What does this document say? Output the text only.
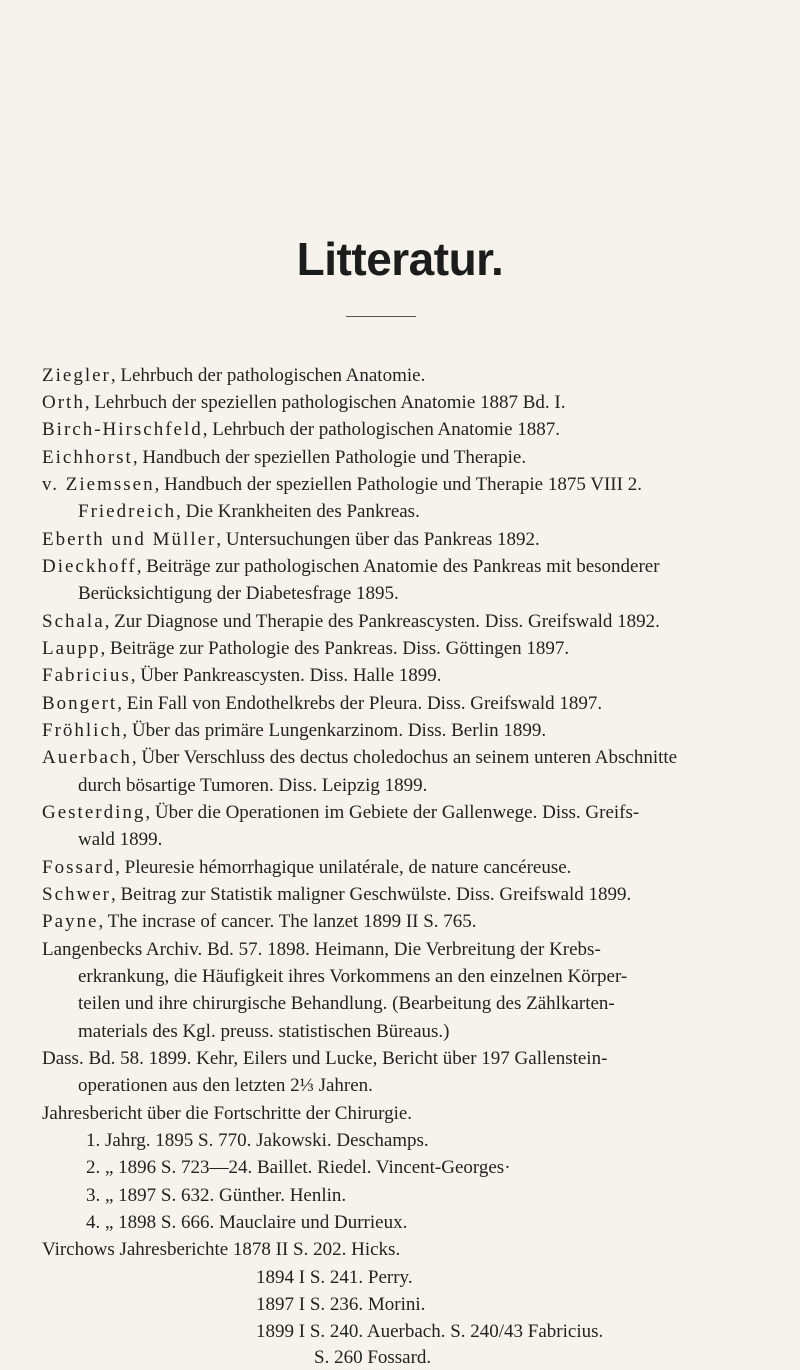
Litteratur.
Ziegler, Lehrbuch der pathologischen Anatomie.
Orth, Lehrbuch der speziellen pathologischen Anatomie 1887 Bd. I.
Birch-Hirschfeld, Lehrbuch der pathologischen Anatomie 1887.
Eichhorst, Handbuch der speziellen Pathologie und Therapie.
v. Ziemssen, Handbuch der speziellen Pathologie und Therapie 1875 VIII 2.
Friedreich, Die Krankheiten des Pankreas.
Eberth und Müller, Untersuchungen über das Pankreas 1892.
Dieckhoff, Beiträge zur pathologischen Anatomie des Pankreas mit besonderer
Berücksichtigung der Diabetesfrage 1895.
Schala, Zur Diagnose und Therapie des Pankreascysten. Diss. Greifswald 1892.
Laupp, Beiträge zur Pathologie des Pankreas. Diss. Göttingen 1897.
Fabricius, Über Pankreascysten. Diss. Halle 1899.
Bongert, Ein Fall von Endothelkrebs der Pleura. Diss. Greifswald 1897.
Fröhlich, Über das primäre Lungenkarzinom. Diss. Berlin 1899.
Auerbach, Über Verschluss des dectus choledochus an seinem unteren Abschnitte
durch bösartige Tumoren. Diss. Leipzig 1899.
Gesterding, Über die Operationen im Gebiete der Gallenwege. Diss. Greifs-
wald 1899.
Fossard, Pleuresie hémorrhagique unilatérale, de nature cancéreuse.
Schwer, Beitrag zur Statistik maligner Geschwülste. Diss. Greifswald 1899.
Payne, The incrase of cancer. The lanzet 1899 II S. 765.
Langenbecks Archiv. Bd. 57. 1898. Heimann, Die Verbreitung der Krebs-
erkrankung, die Häufigkeit ihres Vorkommens an den einzelnen Körper-
teilen und ihre chirurgische Behandlung. (Bearbeitung des Zählkarten-
materials des Kgl. preuss. statistischen Büreaus.)
Dass. Bd. 58. 1899. Kehr, Eilers und Lucke, Bericht über 197 Gallenstein-
operationen aus den letzten 2⅓ Jahren.
Jahresbericht über die Fortschritte der Chirurgie.
1. Jahrg. 1895 S. 770. Jakowski. Deschamps.
2. „ 1896 S. 723—24. Baillet. Riedel. Vincent-Georges·
3. „ 1897 S. 632. Günther. Henlin.
4. „ 1898 S. 666. Mauclaire und Durrieux.
Virchows Jahresberichte 1878 II S. 202. Hicks.
1894 I S. 241. Perry.
1897 I S. 236. Morini.
1899 I S. 240. Auerbach. S. 240/43 Fabricius.
S. 260 Fossard.
